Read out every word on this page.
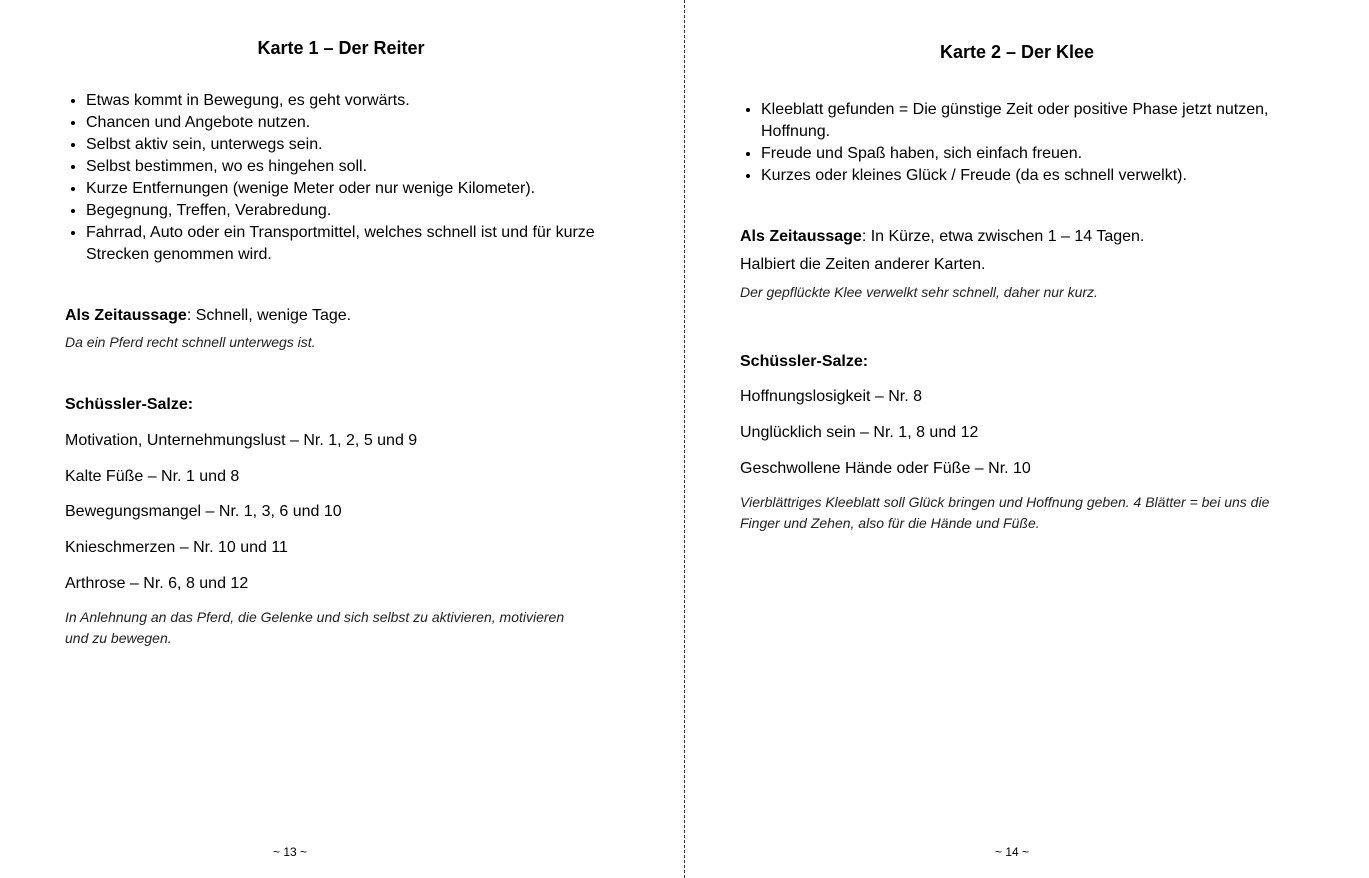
Karte 1 – Der Reiter
• Etwas kommt in Bewegung, es geht vorwärts.
• Chancen und Angebote nutzen.
• Selbst aktiv sein, unterwegs sein.
• Selbst bestimmen, wo es hingehen soll.
• Kurze Entfernungen (wenige Meter oder nur wenige Kilometer).
• Begegnung, Treffen, Verabredung.
• Fahrrad, Auto oder ein Transportmittel, welches schnell ist und für kurze Strecken genommen wird.
Als Zeitaussage: Schnell, wenige Tage.
Da ein Pferd recht schnell unterwegs ist.
Schüssler-Salze:
Motivation, Unternehmungslust – Nr. 1, 2, 5 und 9
Kalte Füße – Nr. 1 und 8
Bewegungsmangel – Nr. 1, 3, 6 und 10
Knieschmerzen – Nr. 10 und 11
Arthrose – Nr. 6, 8 und 12
In Anlehnung an das Pferd, die Gelenke und sich selbst zu aktivieren, motivieren und zu bewegen.
~ 13 ~
Karte 2 – Der Klee
• Kleeblatt gefunden = Die günstige Zeit oder positive Phase jetzt nutzen, Hoffnung.
• Freude und Spaß haben, sich einfach freuen.
• Kurzes oder kleines Glück / Freude (da es schnell verwelkt).
Als Zeitaussage: In Kürze, etwa zwischen 1 – 14 Tagen.
Halbiert die Zeiten anderer Karten.
Der gepflückte Klee verwelkt sehr schnell, daher nur kurz.
Schüssler-Salze:
Hoffnungslosigkeit – Nr. 8
Unglücklich sein – Nr. 1, 8 und 12
Geschwollene Hände oder Füße – Nr. 10
Vierblättriges Kleeblatt soll Glück bringen und Hoffnung geben. 4 Blätter = bei uns die Finger und Zehen, also für die Hände und Füße.
~ 14 ~
